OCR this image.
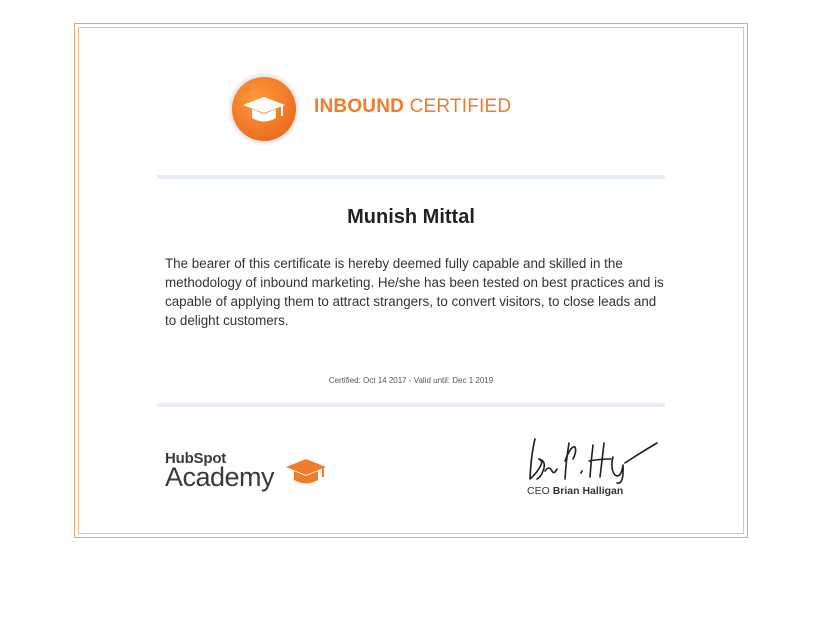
INBOUND CERTIFIED
Munish Mittal
The bearer of this certificate is hereby deemed fully capable and skilled in the methodology of inbound marketing. He/she has been tested on best practices and is capable of applying them to attract strangers, to convert visitors, to close leads and to delight customers.
Certified: Oct 14 2017 - Valid until: Dec 1 2019
HubSpot
Academy	CEO Brian Halligan
